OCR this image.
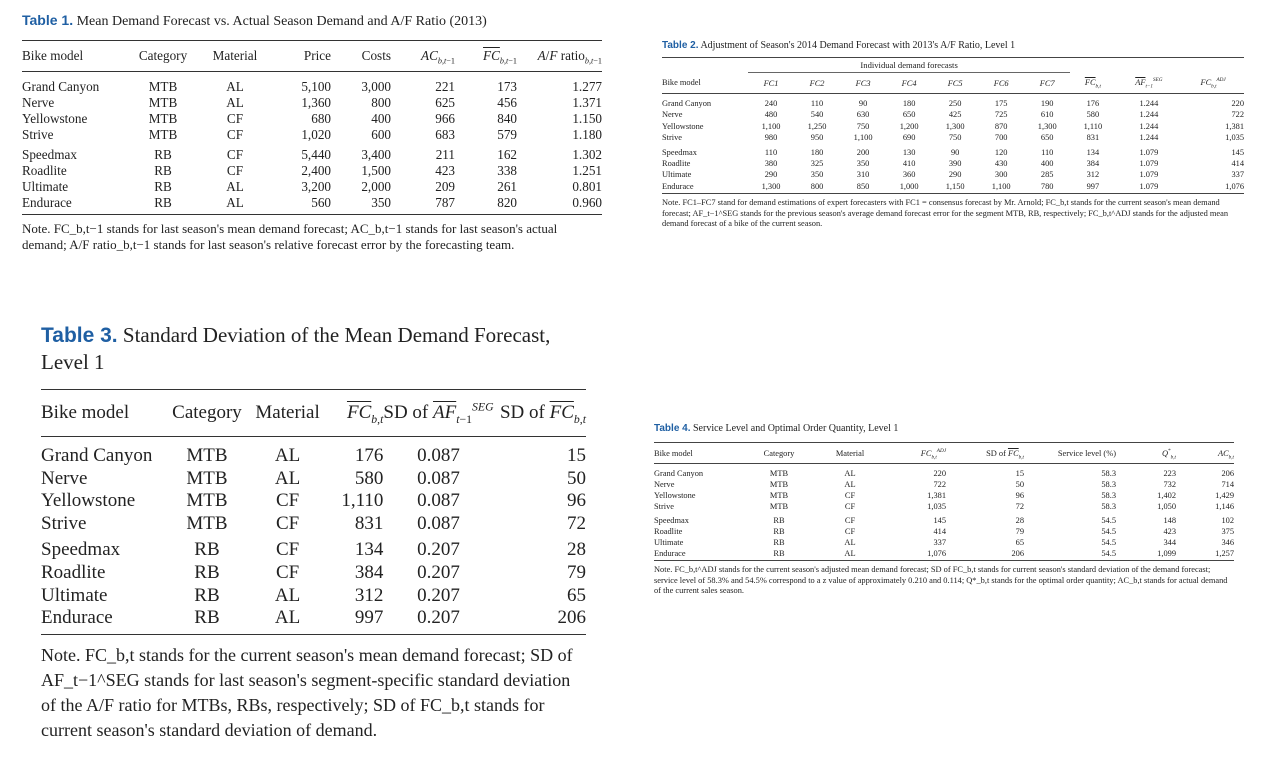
Table 1. Mean Demand Forecast vs. Actual Season Demand and A/F Ratio (2013)
Bike model	Category	Material	Price	Costs	$AC_{b,t-1}$	$\overline{FC}_{b,t-1}$	A/F ratio$_{b,t-1}$
Grand Canyon	MTB	AL	5,100	3,000	221	173	1.277
Nerve	MTB	AL	1,360	800	625	456	1.371
Yellowstone	MTB	CF	680	400	966	840	1.150
Strive	MTB	CF	1,020	600	683	579	1.180
Speedmax	RB	CF	5,440	3,400	211	162	1.302
Roadlite	RB	CF	2,400	1,500	423	338	1.251
Ultimate	RB	AL	3,200	2,000	209	261	0.801
Endurace	RB	AL	560	350	787	820	0.960
Note. FC_b,t−1 stands for last season's mean demand forecast; AC_b,t−1 stands for last season's actual demand; A/F ratio_b,t−1 stands for last season's relative forecast error by the forecasting team.
Table 2. Adjustment of Season's 2014 Demand Forecast with 2013's A/F Ratio, Level 1
	Individual demand forecasts									
Bike model	FC1	FC2	FC3	FC4	FC5	FC6	FC7	$\overline{FC}_{b,t}$	$\overline{AF}_{t-1}^{SEG}$	$FC_{b,t}^{ADJ}$
Grand Canyon	240	110	90	180	250	175	190	176	1.244	220
Nerve	480	540	630	650	425	725	610	580	1.244	722
Yellowstone	1,100	1,250	750	1,200	1,300	870	1,300	1,110	1.244	1,381
Strive	980	950	1,100	690	750	700	650	831	1.244	1,035
Speedmax	110	180	200	130	90	120	110	134	1.079	145
Roadlite	380	325	350	410	390	430	400	384	1.079	414
Ultimate	290	350	310	360	290	300	285	312	1.079	337
Endurace	1,300	800	850	1,000	1,150	1,100	780	997	1.079	1,076
Note. FC1–FC7 stand for demand estimations of expert forecasters with FC1 = consensus forecast by Mr. Arnold; FC_b,t stands for the current season's mean demand forecast; AF_t−1^SEG stands for the previous season's average demand forecast error for the segment MTB, RB, respectively; FC_b,t^ADJ stands for the adjusted mean demand forecast of a bike of the current season.
Table 3. Standard Deviation of the Mean Demand Forecast, Level 1
Bike model	Category	Material	$\overline{FC}_{b,t}$	SD of $\overline{AF}_{t-1}^{SEG}$	SD of $\overline{FC}_{b,t}$
Grand Canyon	MTB	AL	176	0.087	15
Nerve	MTB	AL	580	0.087	50
Yellowstone	MTB	CF	1,110	0.087	96
Strive	MTB	CF	831	0.087	72
Speedmax	RB	CF	134	0.207	28
Roadlite	RB	CF	384	0.207	79
Ultimate	RB	AL	312	0.207	65
Endurace	RB	AL	997	0.207	206
Note. FC_b,t stands for the current season's mean demand forecast; SD of AF_t−1^SEG stands for last season's segment-specific standard deviation of the A/F ratio for MTBs, RBs, respectively; SD of FC_b,t stands for current season's standard deviation of demand.
Table 4. Service Level and Optimal Order Quantity, Level 1
Bike model	Category	Material	$FC_{b,t}^{ADJ}$	SD of $\overline{FC}_{b,t}$	Service level (%)	$Q^*_{b,t}$	$AC_{b,t}$
Grand Canyon	MTB	AL	220	15	58.3	223	206
Nerve	MTB	AL	722	50	58.3	732	714
Yellowstone	MTB	CF	1,381	96	58.3	1,402	1,429
Strive	MTB	CF	1,035	72	58.3	1,050	1,146
Speedmax	RB	CF	145	28	54.5	148	102
Roadlite	RB	CF	414	79	54.5	423	375
Ultimate	RB	AL	337	65	54.5	344	346
Endurace	RB	AL	1,076	206	54.5	1,099	1,257
Note. FC_b,t^ADJ stands for the current season's adjusted mean demand forecast; SD of FC_b,t stands for current season's standard deviation of the demand forecast; service level of 58.3% and 54.5% correspond to a z value of approximately 0.210 and 0.114; Q*_b,t stands for the optimal order quantity; AC_b,t stands for actual demand of the current sales season.
